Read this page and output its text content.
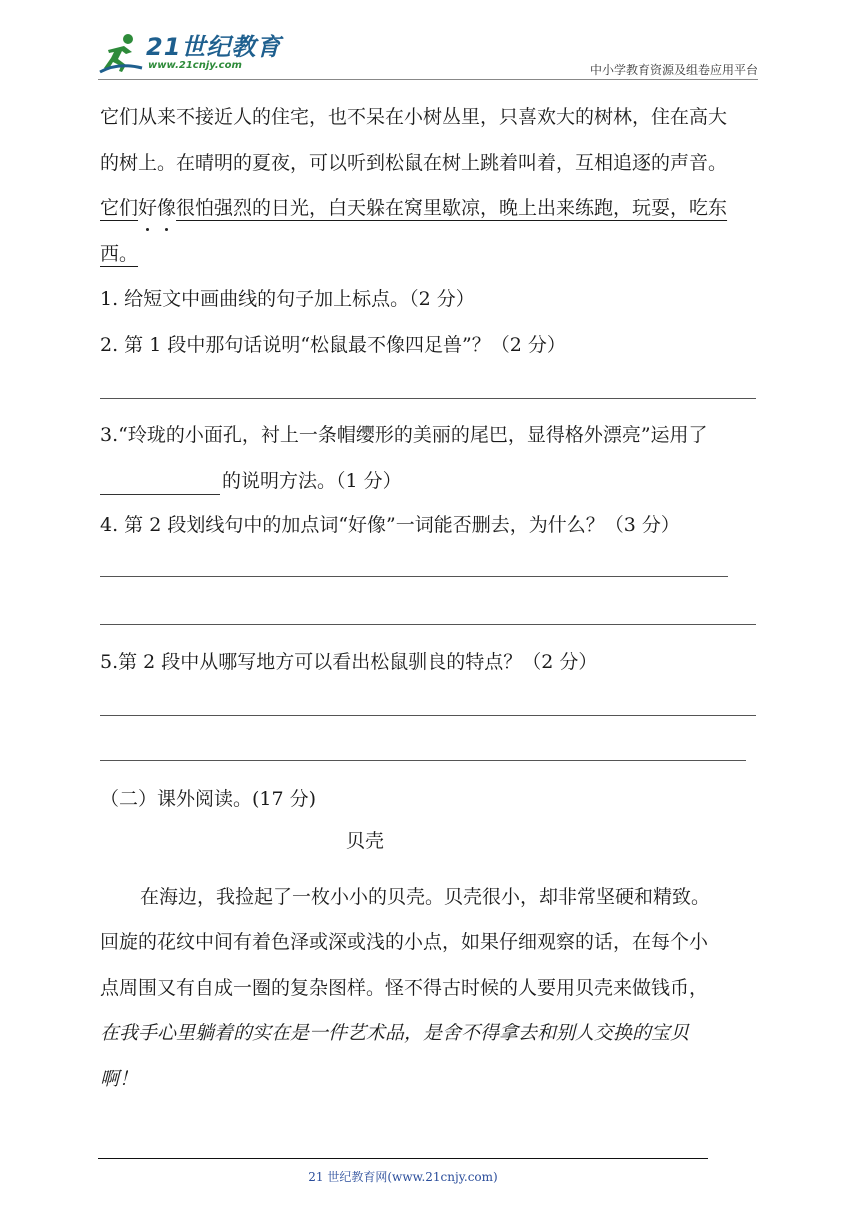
21世纪教育
www.21cnjy.com	中小学教育资源及组卷应用平台
它们从来不接近人的住宅，也不呆在小树丛里，只喜欢大的树林，住在高大
的树上。在晴明的夏夜，可以听到松鼠在树上跳着叫着，互相追逐的声音。
它们好像很怕强烈的日光，白天躲在窝里歇凉，晚上出来练跑，玩耍，吃东
西。
1. 给短文中画曲线的句子加上标点。（2 分）
2. 第 1 段中那句话说明“松鼠最不像四足兽”？（2 分）
3.“玲珑的小面孔，衬上一条帽缨形的美丽的尾巴，显得格外漂亮”运用了
的说明方法。（1 分）
4. 第 2 段划线句中的加点词“好像”一词能否删去，为什么？（3 分）
5.第 2 段中从哪写地方可以看出松鼠驯良的特点？（2 分）
（二）课外阅读。(17 分)
贝壳
在海边，我捡起了一枚小小的贝壳。贝壳很小，却非常坚硬和精致。
回旋的花纹中间有着色泽或深或浅的小点，如果仔细观察的话，在每个小
点周围又有自成一圈的复杂图样。怪不得古时候的人要用贝壳来做钱币，
在我手心里躺着的实在是一件艺术品，是舍不得拿去和别人交换的宝贝
啊！
21 世纪教育网(www.21cnjy.com)
